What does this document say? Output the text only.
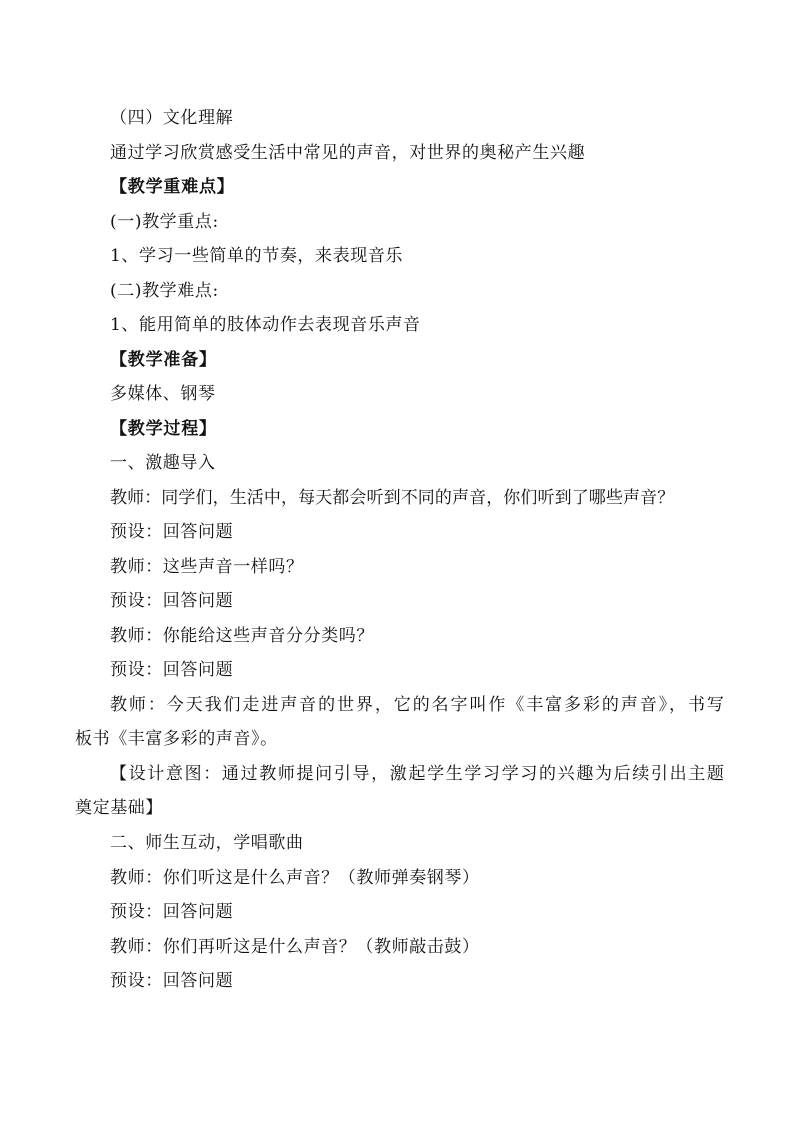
（四）文化理解
通过学习欣赏感受生活中常见的声音，对世界的奥秘产生兴趣
【教学重难点】
(一)教学重点:
1、学习一些简单的节奏，来表现音乐
(二)教学难点:
1、能用简单的肢体动作去表现音乐声音
【教学准备】
多媒体、钢琴
【教学过程】
一、激趣导入
教师：同学们，生活中，每天都会听到不同的声音，你们听到了哪些声音？
预设：回答问题
教师：这些声音一样吗？
预设：回答问题
教师：你能给这些声音分分类吗？
预设：回答问题
教师：今天我们走进声音的世界，它的名字叫作《丰富多彩的声音》，书写
板书《丰富多彩的声音》。
【设计意图：通过教师提问引导，激起学生学习学习的兴趣为后续引出主题
奠定基础】
二、师生互动，学唱歌曲
教师：你们听这是什么声音？（教师弹奏钢琴）
预设：回答问题
教师：你们再听这是什么声音？（教师敲击鼓）
预设：回答问题
